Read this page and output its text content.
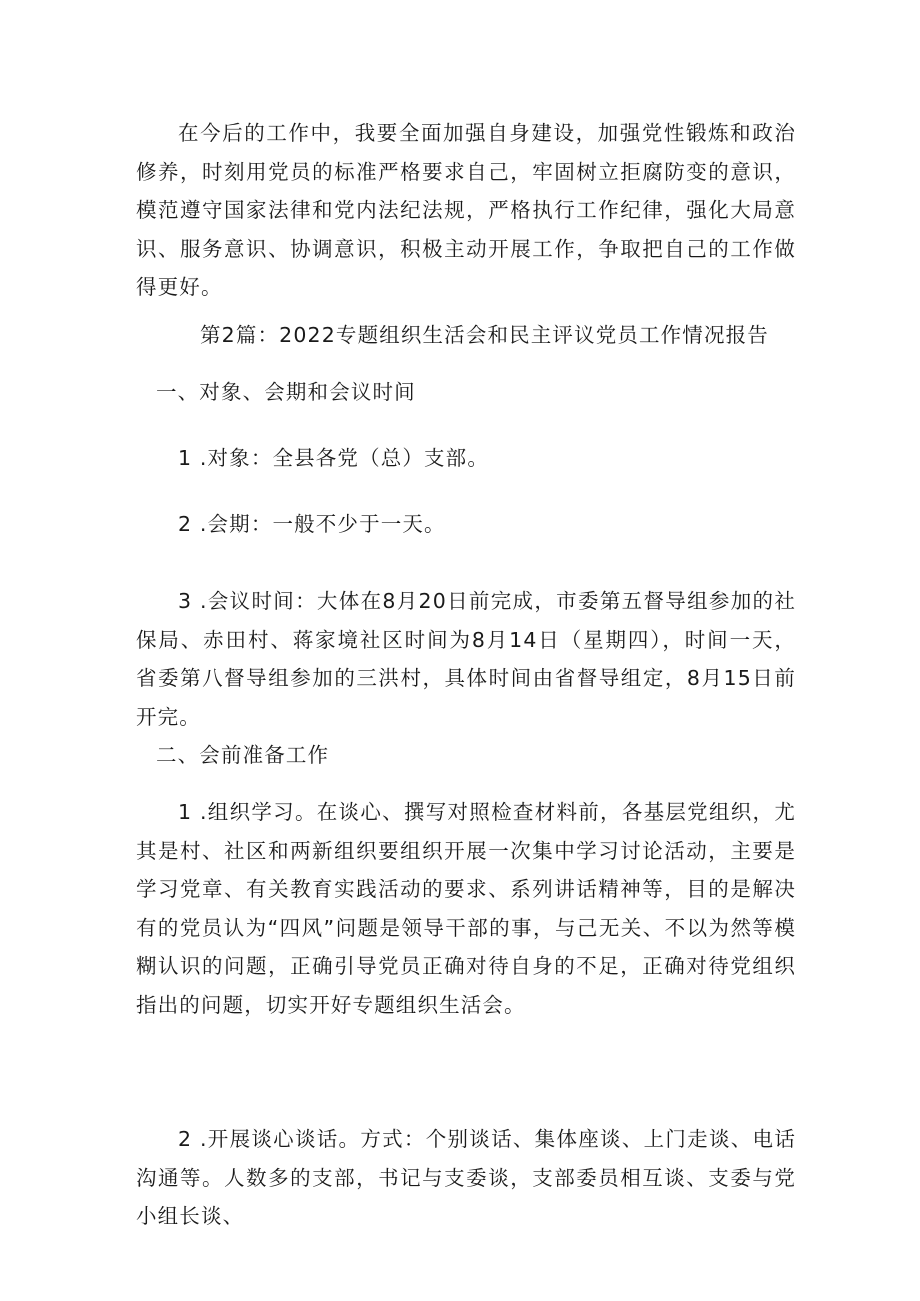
在今后的工作中，我要全面加强自身建设，加强党性锻炼和政治修养，时刻用党员的标准严格要求自己，牢固树立拒腐防变的意识，模范遵守国家法律和党内法纪法规，严格执行工作纪律，强化大局意识、服务意识、协调意识，积极主动开展工作，争取把自己的工作做得更好。

第2篇：2022专题组织生活会和民主评议党员工作情况报告

一、对象、会期和会议时间

1 .对象：全县各党（总）支部。

2 .会期：一般不少于一天。

3 .会议时间：大体在8月20日前完成，市委第五督导组参加的社保局、赤田村、蒋家境社区时间为8月14日（星期四），时间一天，省委第八督导组参加的三洪村，具体时间由省督导组定，8月15日前开完。

二、会前准备工作

1 .组织学习。在谈心、撰写对照检查材料前，各基层党组织，尤其是村、社区和两新组织要组织开展一次集中学习讨论活动，主要是学习党章、有关教育实践活动的要求、系列讲话精神等，目的是解决有的党员认为“四风”问题是领导干部的事，与己无关、不以为然等模糊认识的问题，正确引导党员正确对待自身的不足，正确对待党组织指出的问题，切实开好专题组织生活会。

2 .开展谈心谈话。方式：个别谈话、集体座谈、上门走谈、电话沟通等。人数多的支部，书记与支委谈，支部委员相互谈、支委与党小组长谈、
